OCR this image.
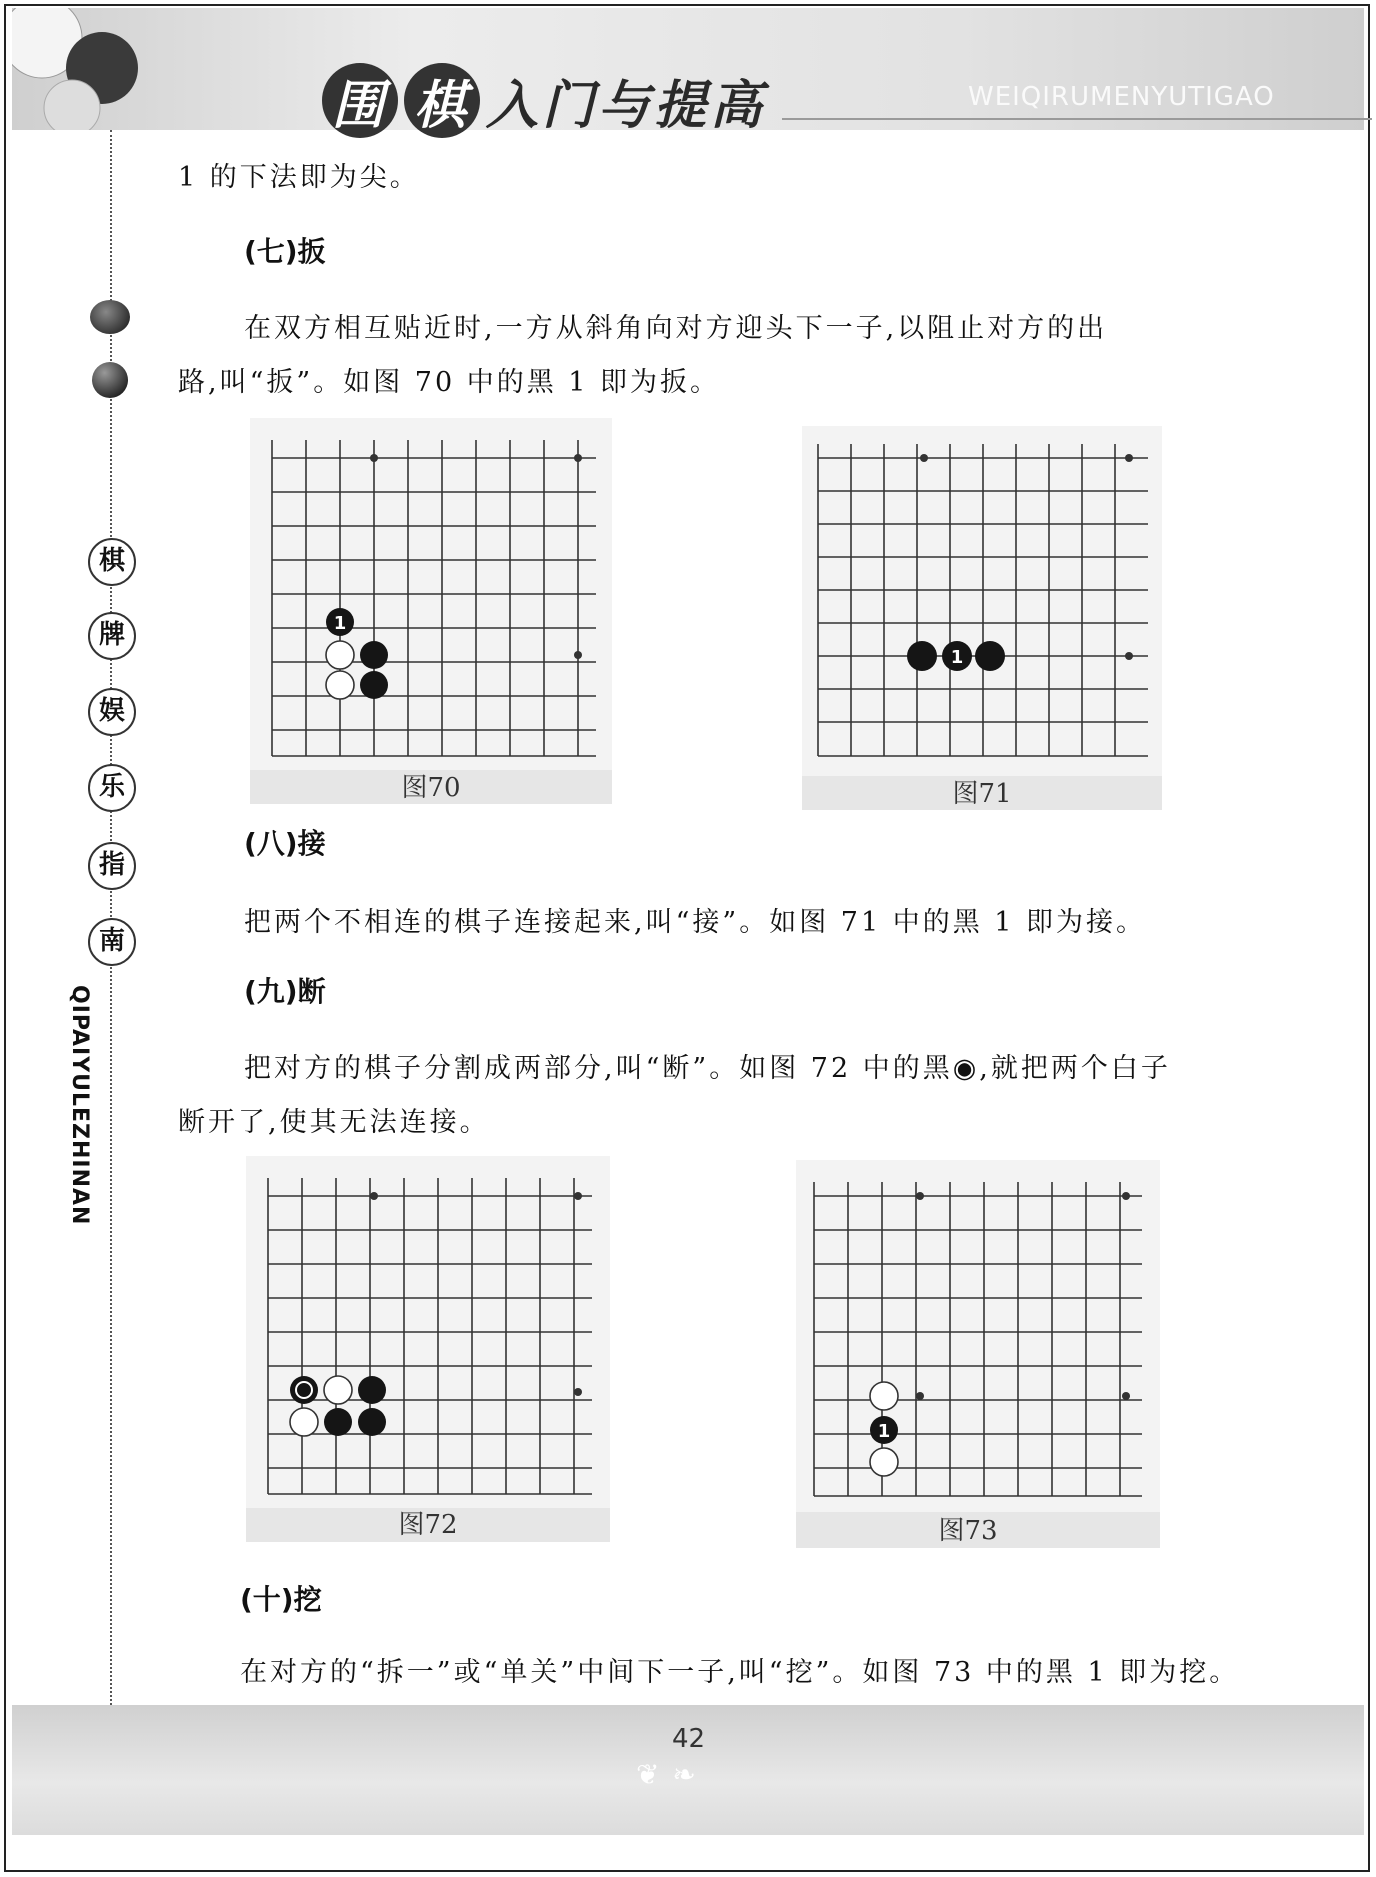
围 棋 入门与提高	WEIQIRUMENYUTIGAO
棋
牌
娱
乐
指
南
QIPAIYULEZHINAN
1 的下法即为尖。
(七)扳
在双方相互贴近时,一方从斜角向对方迎头下一子,以阻止对方的出
路,叫“扳”。如图 70 中的黑 1 即为扳。
1
图70
1
图71
(八)接
把两个不相连的棋子连接起来,叫“接”。如图 71 中的黑 1 即为接。
(九)断
把对方的棋子分割成两部分,叫“断”。如图 72 中的黑◉,就把两个白子
断开了,使其无法连接。
图72
1
图73
(十)挖
在对方的“拆一”或“单关”中间下一子,叫“挖”。如图 73 中的黑 1 即为挖。
42
❦ ❧
